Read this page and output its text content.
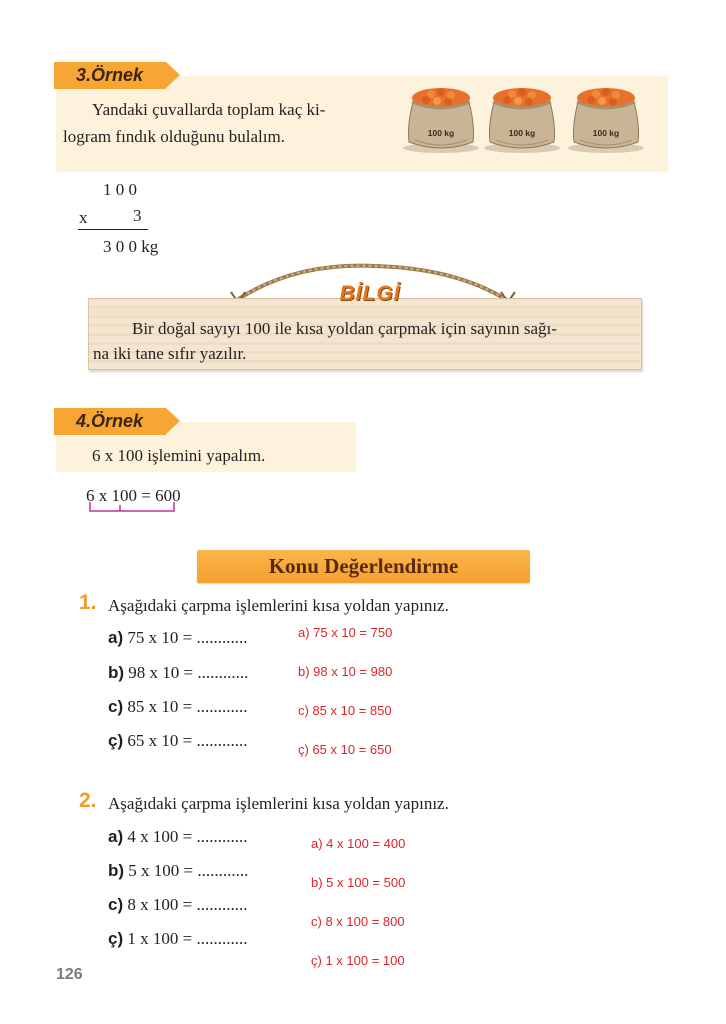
3.Örnek
Yandaki çuvallarda toplam kaç ki-
logram fındık olduğunu bulalım.	100 kg	100 kg	100 kg
1 0 0
x	3
3 0 0 kg
BİLGİ
Bir doğal sayıyı 100 ile kısa yoldan çarpmak için sayının sağı-
na iki tane sıfır yazılır.
4.Örnek
6 x 100 işlemini yapalım.
6 x 100 = 600
Konu Değerlendirme
1. Aşağıdaki çarpma işlemlerini kısa yoldan yapınız.
a) 75 x 10 = ............
b) 98 x 10 = ............
c) 85 x 10 = ............
ç) 65 x 10 = ............
a) 75 x 10 = 750
b) 98 x 10 = 980
c) 85 x 10 = 850
ç) 65 x 10 = 650
2. Aşağıdaki çarpma işlemlerini kısa yoldan yapınız.
a) 4 x 100 = ............
b) 5 x 100 = ............
c) 8 x 100 = ............
ç) 1 x 100 = ............
a) 4 x 100 = 400
b) 5 x 100 = 500
c) 8 x 100 = 800
ç) 1 x 100 = 100
126
